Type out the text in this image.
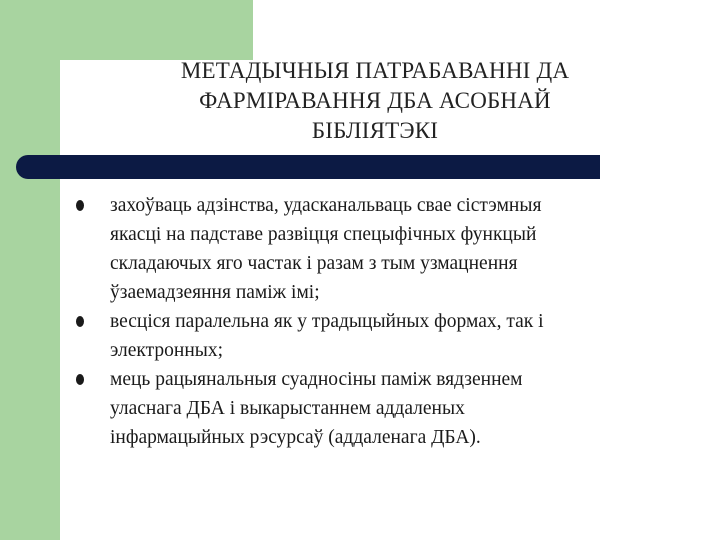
МЕТАДЫЧНЫЯ ПАТРАБАВАННІ ДА
ФАРМІРАВАННЯ ДБА АСОБНАЙ
БІБЛІЯТЭКІ
захоўваць адзінства, удасканальваць свае сістэмныя
якасці на падставе развіцця спецыфічных функцый
складаючых яго частак і разам з тым узмацнення
ўзаемадзеяння паміж імі;
весціся паралельна як у традыцыйных формах, так і
электронных;
мець рацыянальныя суадносіны паміж вядзеннем
уласнага ДБА і выкарыстаннем аддаленых
інфармацыйных рэсурсаў (аддаленага ДБА).
